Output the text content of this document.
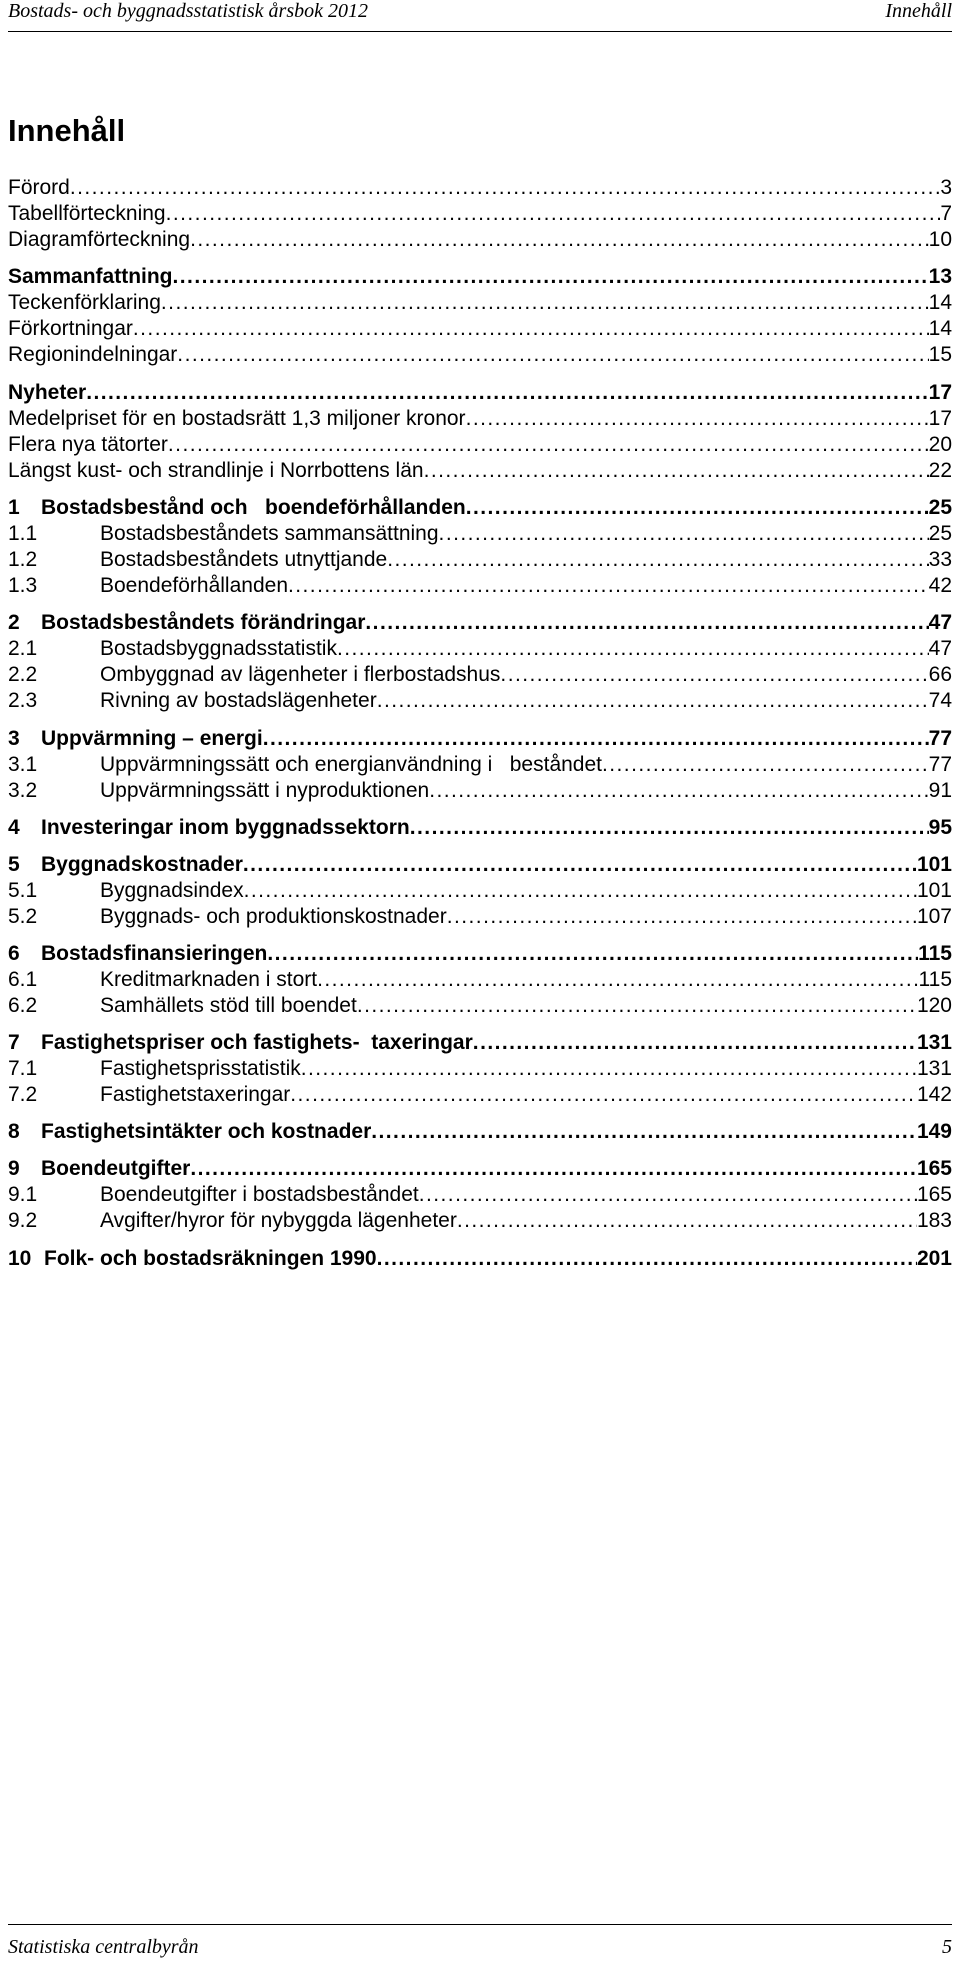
Bostads- och byggnadsstatistisk årsbok 2012	Innehåll
Innehåll
Förord . . .	3
Tabellförteckning . . .	7
Diagramförteckning . . .	10
Sammanfattning . . .	13
Teckenförklaring . . .	14
Förkortningar . . .	14
Regionindelningar . . .	15
Nyheter . . .	17
Medelpriset för en bostadsrätt 1,3 miljoner kronor . . .	17
Flera nya tätorter . . .	20
Längst kust- och strandlinje i Norrbottens län . . .	22
1	Bostadsbestånd och   boendeförhållanden . . .	25
1.1	Bostadsbeståndets sammansättning . . .	25
1.2	Bostadsbeståndets utnyttjande . . .	33
1.3	Boendeförhållanden . . .	42
2	Bostadsbeståndets förändringar . . .	47
2.1	Bostadsbyggnadsstatistik . . .	47
2.2	Ombyggnad av lägenheter i flerbostadshus . . .	66
2.3	Rivning av bostadslägenheter . . .	74
3	Uppvärmning – energi . . .	77
3.1	Uppvärmningssätt och energianvändning i   beståndet . . .	77
3.2	Uppvärmningssätt i nyproduktionen . . .	91
4	Investeringar inom byggnadssektorn . . .	95
5	Byggnadskostnader . . .	101
5.1	Byggnadsindex . . .	101
5.2	Byggnads- och produktionskostnader . . .	107
6	Bostadsfinansieringen . . .	115
6.1	Kreditmarknaden i stort . . .	115
6.2	Samhällets stöd till boendet . . .	120
7	Fastighetspriser och fastighets-  taxeringar . . .	131
7.1	Fastighetsprisstatistik . . .	131
7.2	Fastighetstaxeringar . . .	142
8	Fastighetsintäkter och kostnader . . .	149
9	Boendeutgifter . . .	165
9.1	Boendeutgifter i bostadsbeståndet . . .	165
9.2	Avgifter/hyror för nybyggda lägenheter . . .	183
10 Folk- och bostadsräkningen 1990 . . .	201
Statistiska centralbyrån	5
